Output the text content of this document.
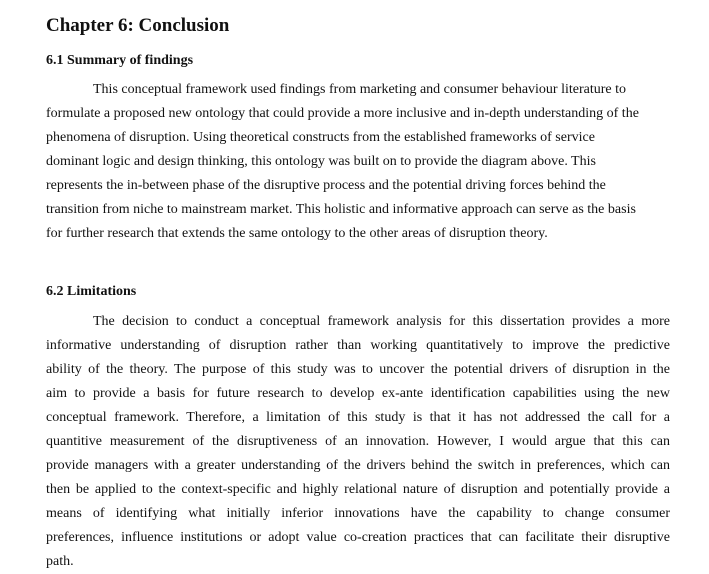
Chapter 6: Conclusion
6.1 Summary of findings

This conceptual framework used findings from marketing and consumer behaviour literature to
formulate a proposed new ontology that could provide a more inclusive and in-depth understanding of the
phenomena of disruption. Using theoretical constructs from the established frameworks of service
dominant logic and design thinking, this ontology was built on to provide the diagram above. This
represents the in-between phase of the disruptive process and the potential driving forces behind the
transition from niche to mainstream market. This holistic and informative approach can serve as the basis
for further research that extends the same ontology to the other areas of disruption theory.

6.2 Limitations

The decision to conduct a conceptual framework analysis for this dissertation provides a more
informative understanding of disruption rather than working quantitatively to improve the predictive
ability of the theory. The purpose of this study was to uncover the potential drivers of disruption in the
aim to provide a basis for future research to develop ex-ante identification capabilities using the new
conceptual framework. Therefore, a limitation of this study is that it has not addressed the call for a
quantitive measurement of the disruptiveness of an innovation. However, I would argue that this can
provide managers with a greater understanding of the drivers behind the switch in preferences, which can
then be applied to the context-specific and highly relational nature of disruption and potentially provide a
means of identifying what initially inferior innovations have the capability to change consumer
preferences, influence institutions or adopt value co-creation practices that can facilitate their disruptive
path.
